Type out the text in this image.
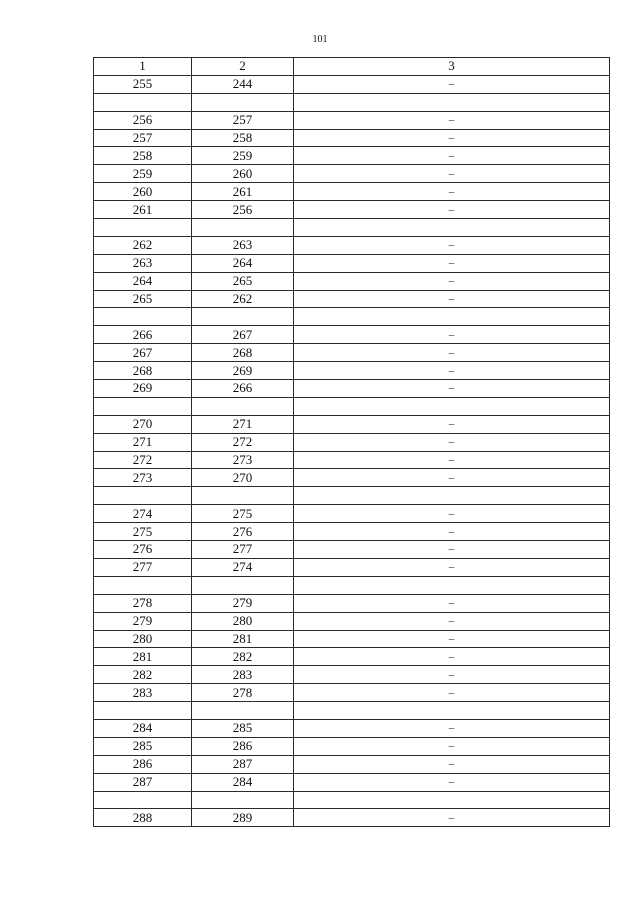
101
1	2	3
255	244	–

256	257	–
257	258	–
258	259	–
259	260	–
260	261	–
261	256	–

262	263	–
263	264	–
264	265	–
265	262	–

266	267	–
267	268	–
268	269	–
269	266	–

270	271	–
271	272	–
272	273	–
273	270	–

274	275	–
275	276	–
276	277	–
277	274	–

278	279	–
279	280	–
280	281	–
281	282	–
282	283	–
283	278	–

284	285	–
285	286	–
286	287	–
287	284	–

288	289	–
